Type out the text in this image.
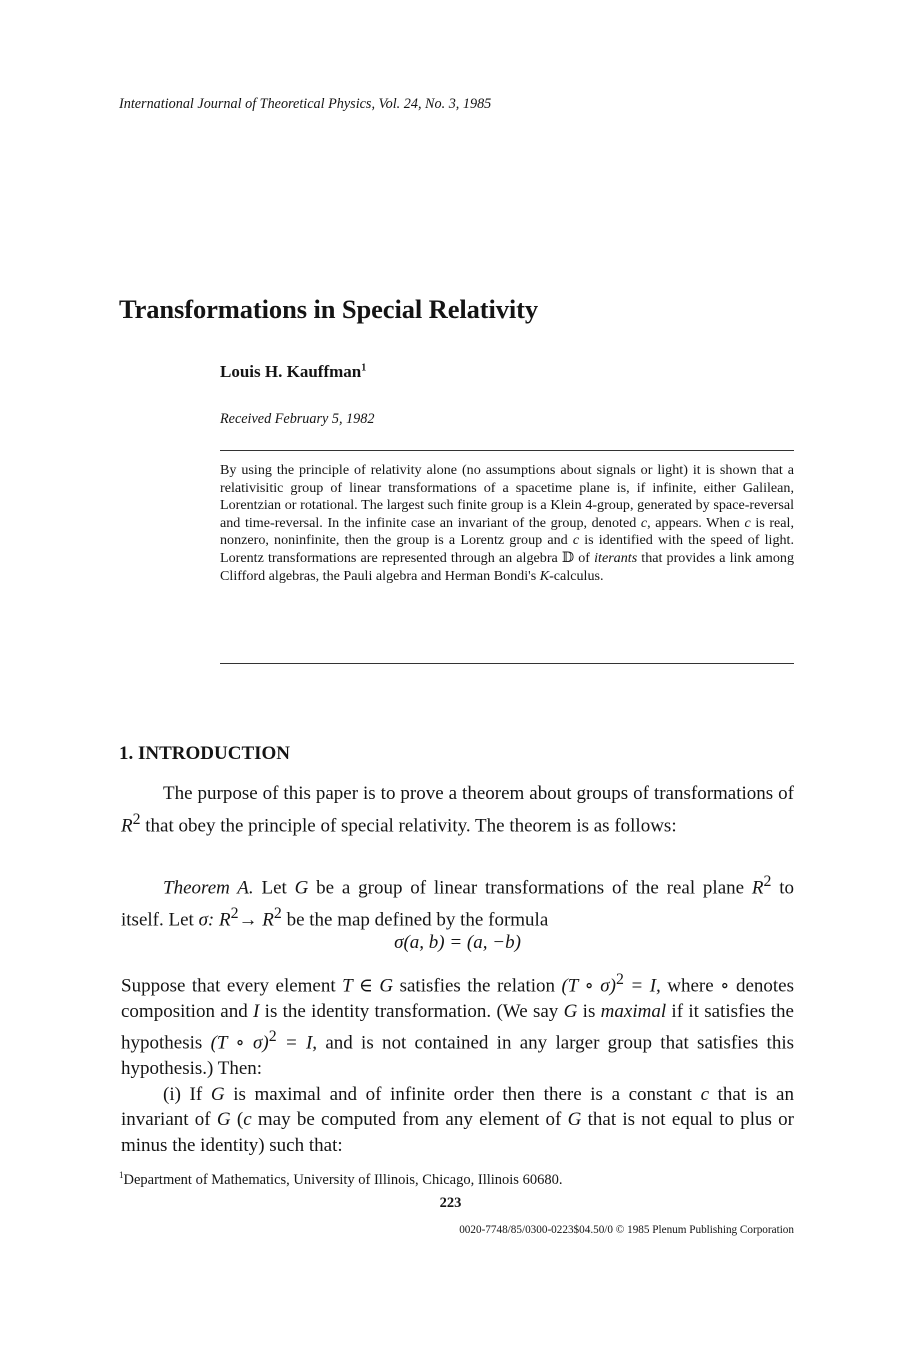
International Journal of Theoretical Physics, Vol. 24, No. 3, 1985
Transformations in Special Relativity
Louis H. Kauffman$^1$
Received February 5, 1982
By using the principle of relativity alone (no assumptions about signals or light) it is shown that a relativisitic group of linear transformations of a spacetime plane is, if infinite, either Galilean, Lorentzian or rotational. The largest such finite group is a Klein 4-group, generated by space-reversal and time-reversal. In the infinite case an invariant of the group, denoted c, appears. When c is real, nonzero, noninfinite, then the group is a Lorentz group and c is identified with the speed of light. Lorentz transformations are represented through an algebra 𝔻 of iterants that provides a link among Clifford algebras, the Pauli algebra and Herman Bondi's K-calculus.
1. INTRODUCTION

The purpose of this paper is to prove a theorem about groups of transformations of $R^2$ that obey the principle of special relativity. The theorem is as follows:

Theorem A. Let G be a group of linear transformations of the real plane $R^2$ to itself. Let σ: $R^2\to R^2$ be the map defined by the formula

σ(a, b) = (a, −b)

Suppose that every element T ∈ G satisfies the relation (T ∘ σ)$^2$ = I, where ∘ denotes composition and I is the identity transformation. (We say G is maximal if it satisfies the hypothesis (T ∘ σ)$^2$ = I, and is not contained in any larger group that satisfies this hypothesis.) Then:

(i) If G is maximal and of infinite order then there is a constant c that is an invariant of G (c may be computed from any element of G that is not equal to plus or minus the identity) such that:

$^1$Department of Mathematics, University of Illinois, Chicago, Illinois 60680.
223
0020-7748/85/0300-0223$04.50/0 © 1985 Plenum Publishing Corporation
